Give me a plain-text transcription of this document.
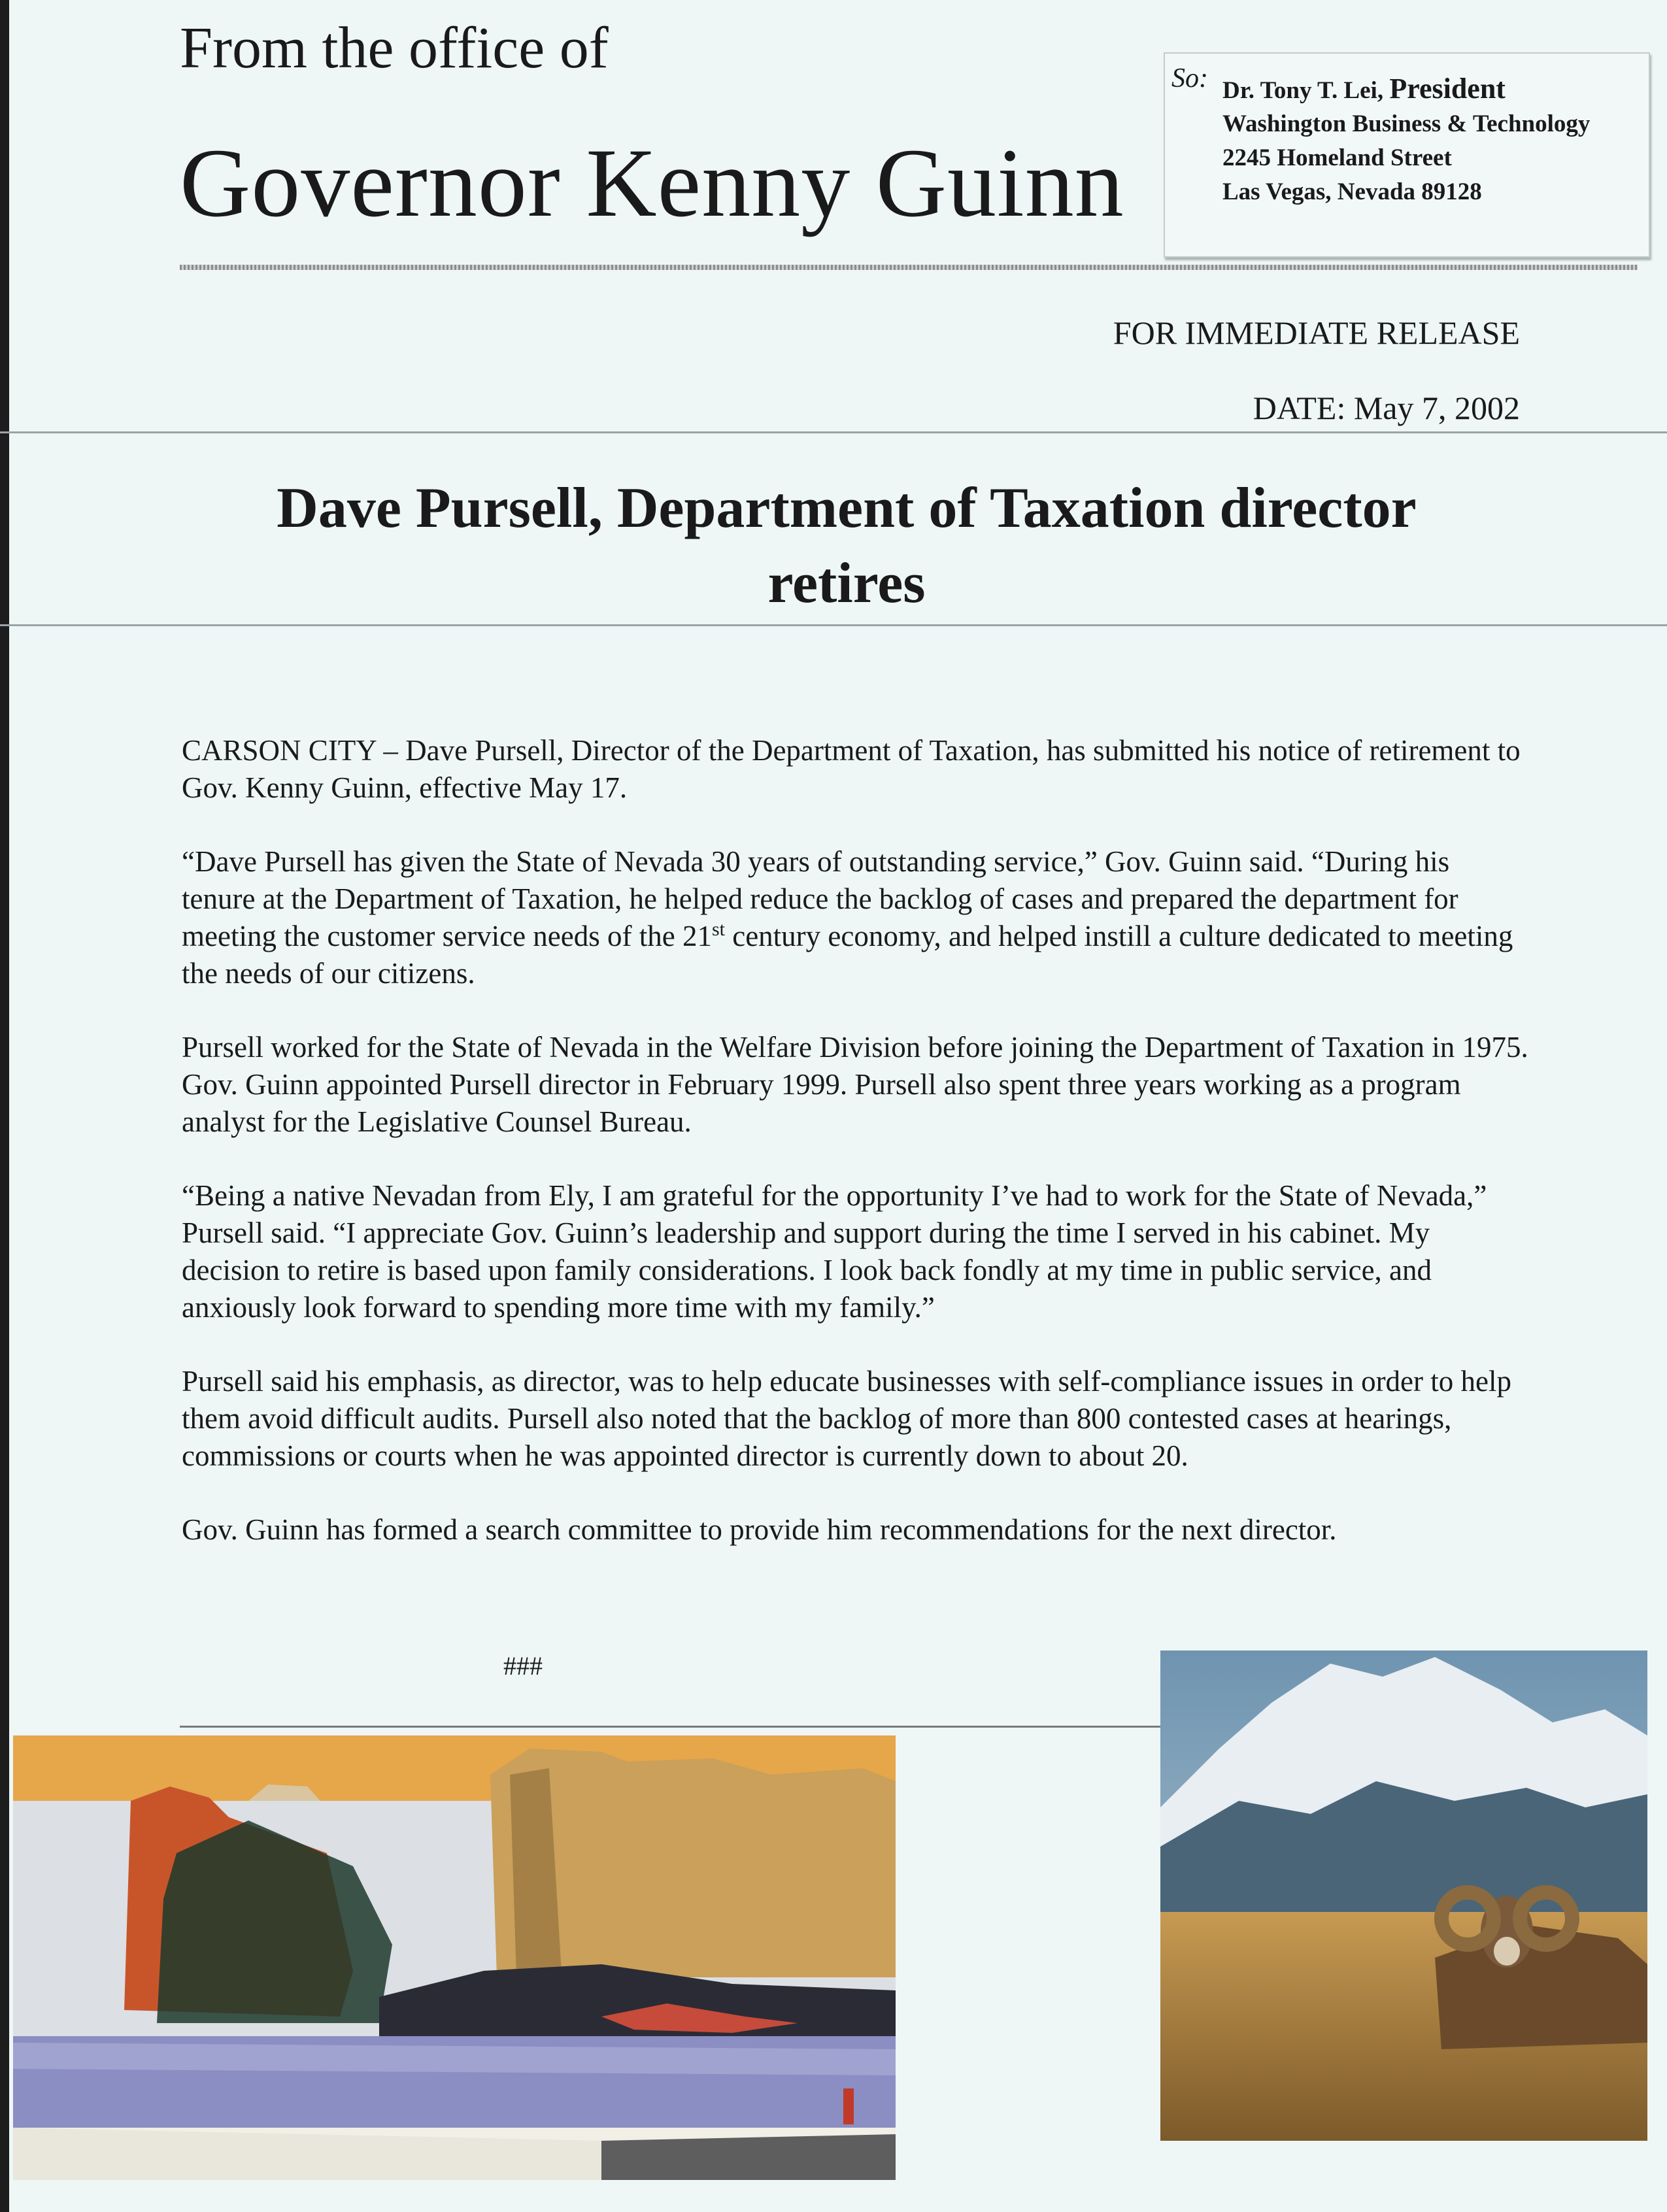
From the office of
Governor Kenny Guinn
So: Dr. Tony T. Lei, President
Washington Business & Technology
2245 Homeland Street
Las Vegas, Nevada 89128
FOR IMMEDIATE RELEASE
DATE: May 7, 2002
Dave Pursell, Department of Taxation director
retires

CARSON CITY – Dave Pursell, Director of the Department of Taxation, has submitted his notice of retirement to Gov. Kenny Guinn, effective May 17.

“Dave Pursell has given the State of Nevada 30 years of outstanding service,” Gov. Guinn said. “During his tenure at the Department of Taxation, he helped reduce the backlog of cases and prepared the department for meeting the customer service needs of the 21st century economy, and helped instill a culture dedicated to meeting the needs of our citizens.

Pursell worked for the State of Nevada in the Welfare Division before joining the Department of Taxation in 1975. Gov. Guinn appointed Pursell director in February 1999. Pursell also spent three years working as a program analyst for the Legislative Counsel Bureau.

“Being a native Nevadan from Ely, I am grateful for the opportunity I’ve had to work for the State of Nevada,” Pursell said. “I appreciate Gov. Guinn’s leadership and support during the time I served in his cabinet. My decision to retire is based upon family considerations. I look back fondly at my time in public service, and anxiously look forward to spending more time with my family.”

Pursell said his emphasis, as director, was to help educate businesses with self-compliance issues in order to help them avoid difficult audits. Pursell also noted that the backlog of more than 800 contested cases at hearings, commissions or courts when he was appointed director is currently down to about 20.

Gov. Guinn has formed a search committee to provide him recommendations for the next director.

###
